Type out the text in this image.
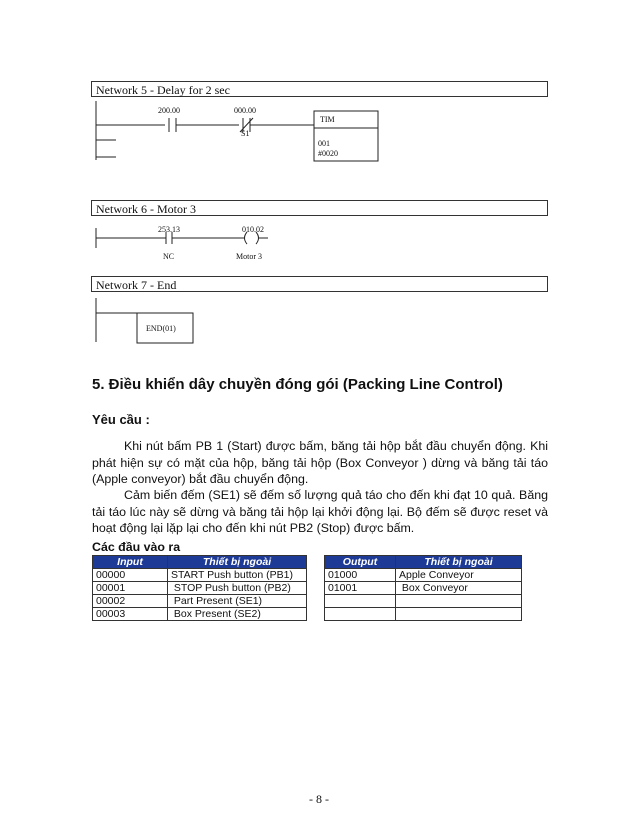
Network 5 - Delay for 2 sec
200.00	000.00
S1
TIM
001
#0020
Network 6 - Motor 3
253.13
NC
010.02
Motor 3
Network 7 - End
END(01)
5. Điều khiển dây chuyền đóng gói (Packing Line Control)
Yêu cầu :
Khi nút bấm PB 1 (Start) được bấm, băng tải hộp bắt đầu chuyển động. Khi phát hiện sự có mặt của hộp, băng tải hộp (Box Conveyor ) dừng và băng tải táo (Apple conveyor) bắt đầu chuyển động.
Cảm biến đếm (SE1) sẽ đếm số lượng quả táo cho đến khi đạt 10 quả. Băng tải táo lúc này sẽ dừng và băng tải hộp lại khởi động lại. Bộ đếm sẽ được reset và hoạt động lại lặp lại cho đến khi nút PB2 (Stop) được bấm.
Các đầu vào ra
Input	Thiết bị ngoài
00000	START Push button (PB1)
00001	STOP Push button (PB2)
00002	Part Present (SE1)
00003	Box Present (SE2)
Output	Thiết bị ngoài
01000	Apple Conveyor
01001	Box Conveyor

- 8 -
